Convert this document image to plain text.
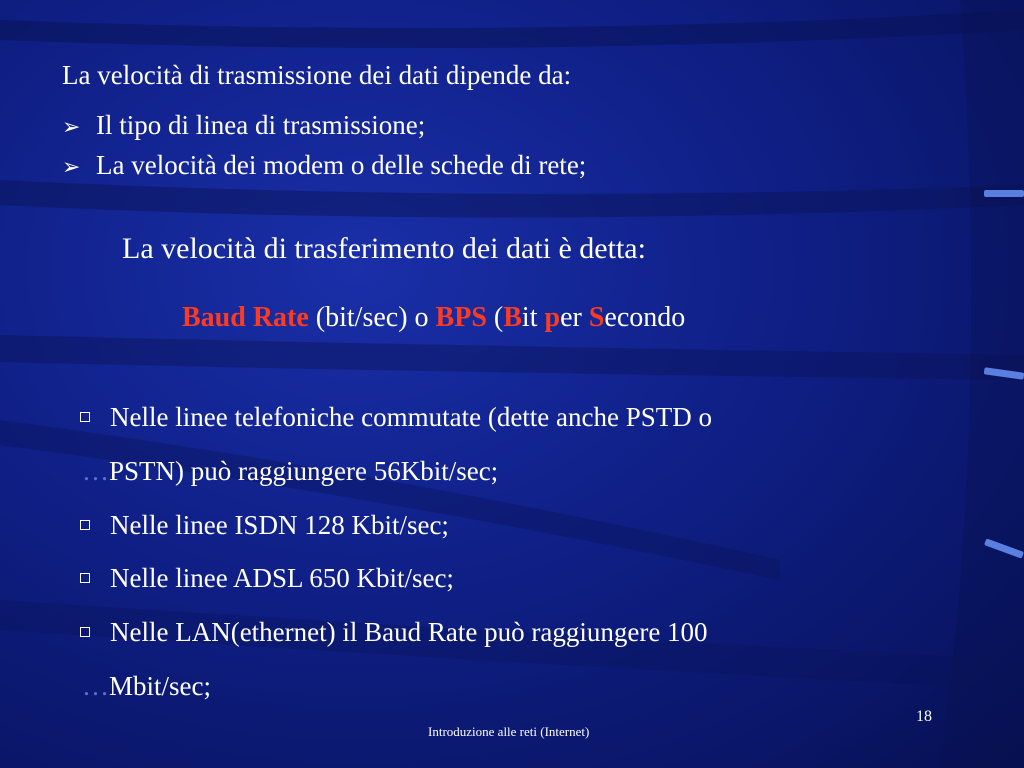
La velocità di trasmissione dei dati dipende da:
➢ Il tipo di linea di trasmissione;
➢ La velocità dei modem o delle schede di rete;
La velocità di trasferimento dei dati è detta:
Baud Rate (bit/sec) o BPS (Bit per Secondo
Nelle linee telefoniche commutate (dette anche PSTD o
…PSTN) può raggiungere 56Kbit/sec;
Nelle linee ISDN 128 Kbit/sec;
Nelle linee ADSL 650 Kbit/sec;
Nelle LAN(ethernet) il Baud Rate può raggiungere 100
…Mbit/sec;
18
Introduzione alle reti (Internet)
